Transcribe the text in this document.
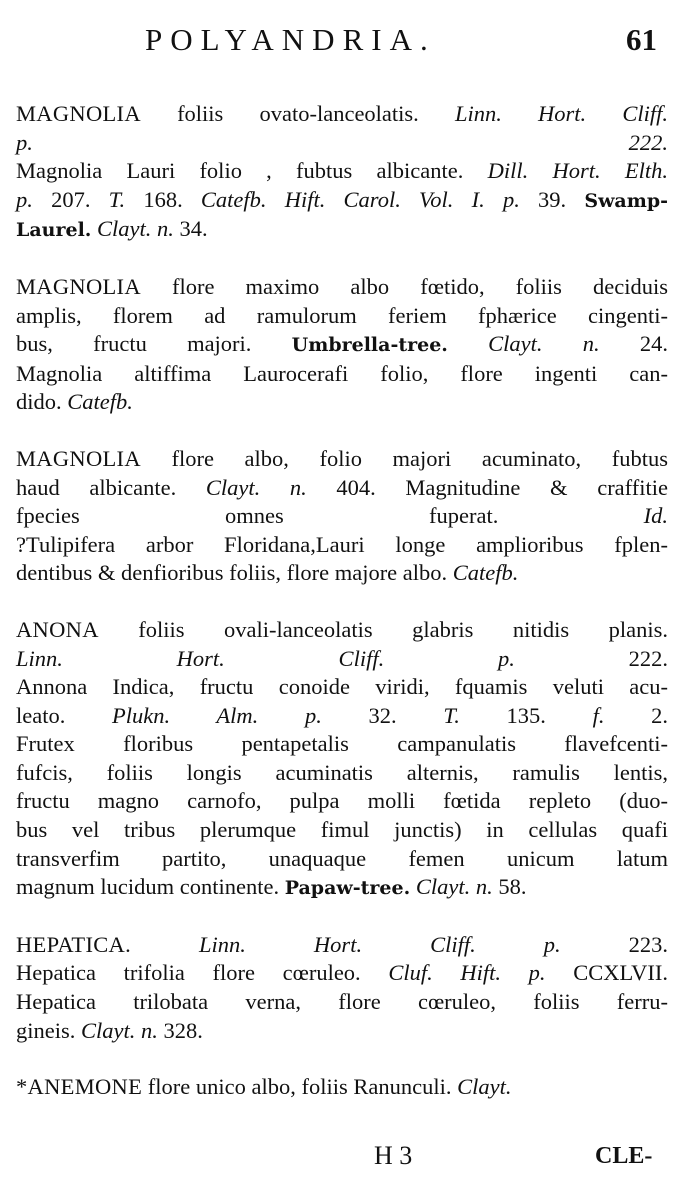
POLYANDRIA.	61
MAGNOLIA foliis ovato-lanceolatis. Linn. Hort. Cliff.
p. 222.
Magnolia Lauri folio , fubtus albicante. Dill. Hort. Elth.
p. 207. T. 168. Catefb. Hift. Carol. Vol. I. p. 39. Swamp-
Laurel. Clayt. n. 34.
MAGNOLIA flore maximo albo fœtido, foliis deciduis
amplis, florem ad ramulorum feriem fphærice cingenti-
bus, fructu majori. Umbrella-tree. Clayt. n. 24.
Magnolia altiffima Laurocerafi folio, flore ingenti can-
dido. Catefb.
MAGNOLIA flore albo, folio majori acuminato, fubtus
haud albicante. Clayt. n. 404. Magnitudine & craffitie
fpecies omnes fuperat. Id.
?Tulipifera arbor Floridana,Lauri longe amplioribus fplen-
dentibus & denfioribus foliis, flore majore albo. Catefb.
ANONA foliis ovali-lanceolatis glabris nitidis planis.
Linn. Hort. Cliff. p. 222.
Annona Indica, fructu conoide viridi, fquamis veluti acu-
leato. Plukn. Alm. p. 32. T. 135. f. 2.
Frutex floribus pentapetalis campanulatis flavefcenti-
fufcis, foliis longis acuminatis alternis, ramulis lentis,
fructu magno carnofo, pulpa molli fœtida repleto (duo-
bus vel tribus plerumque fimul junctis) in cellulas quafi
transverfim partito, unaquaque femen unicum latum
magnum lucidum continente. Papaw-tree. Clayt. n. 58.
HEPATICA.	Linn. Hort. Cliff. p. 223.
Hepatica trifolia flore cœruleo. Cluf. Hift. p. CCXLVII.
Hepatica trilobata verna, flore cœruleo, foliis ferru-
gineis. Clayt. n. 328.
*ANEMONE flore unico albo, foliis Ranunculi. Clayt.
H 3	CLE-
